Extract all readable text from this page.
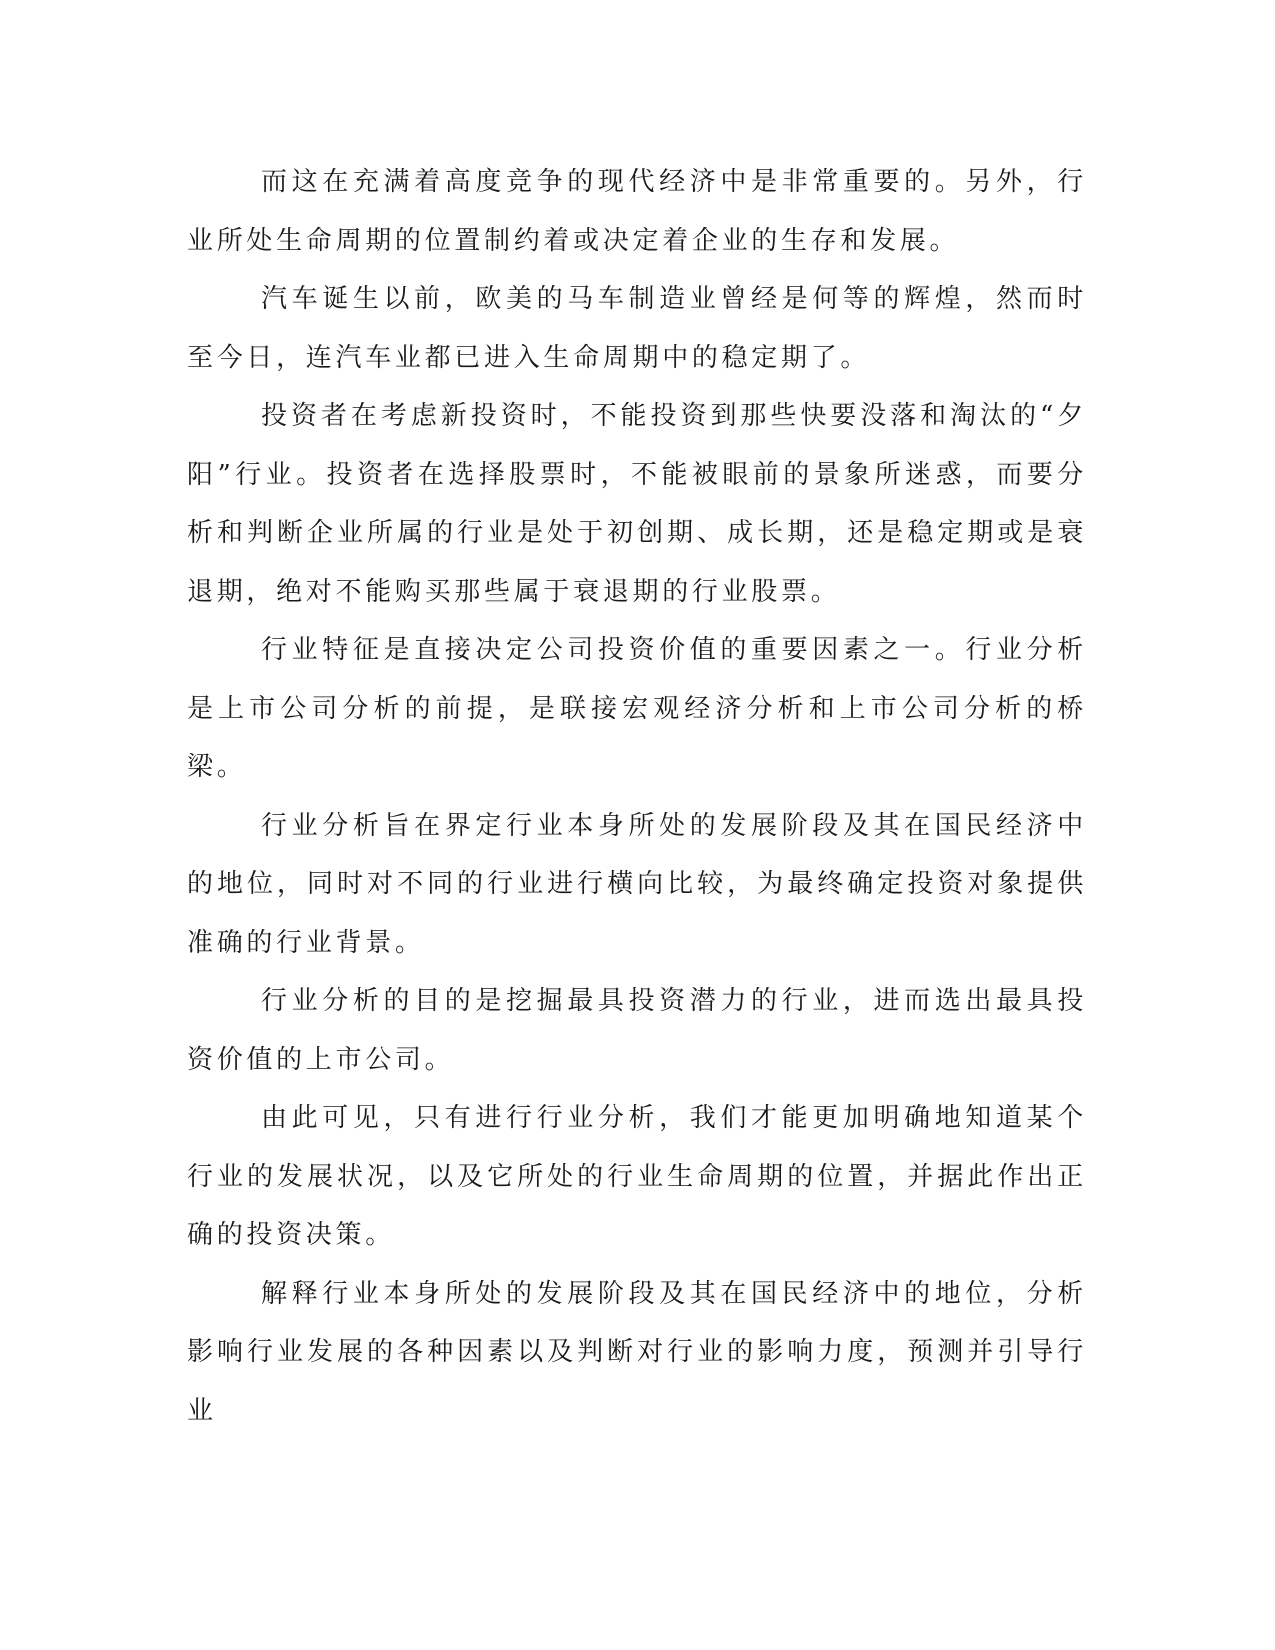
而这在充满着高度竞争的现代经济中是非常重要的。另外，行业所处生命周期的位置制约着或决定着企业的生存和发展。

汽车诞生以前，欧美的马车制造业曾经是何等的辉煌，然而时至今日，连汽车业都已进入生命周期中的稳定期了。

投资者在考虑新投资时，不能投资到那些快要没落和淘汰的“夕阳”行业。投资者在选择股票时，不能被眼前的景象所迷惑，而要分析和判断企业所属的行业是处于初创期、成长期，还是稳定期或是衰退期，绝对不能购买那些属于衰退期的行业股票。

行业特征是直接决定公司投资价值的重要因素之一。行业分析是上市公司分析的前提，是联接宏观经济分析和上市公司分析的桥梁。

行业分析旨在界定行业本身所处的发展阶段及其在国民经济中的地位，同时对不同的行业进行横向比较，为最终确定投资对象提供准确的行业背景。

行业分析的目的是挖掘最具投资潜力的行业，进而选出最具投资价值的上市公司。

由此可见，只有进行行业分析，我们才能更加明确地知道某个行业的发展状况，以及它所处的行业生命周期的位置，并据此作出正确的投资决策。

解释行业本身所处的发展阶段及其在国民经济中的地位，分析影响行业发展的各种因素以及判断对行业的影响力度，预测并引导行业
